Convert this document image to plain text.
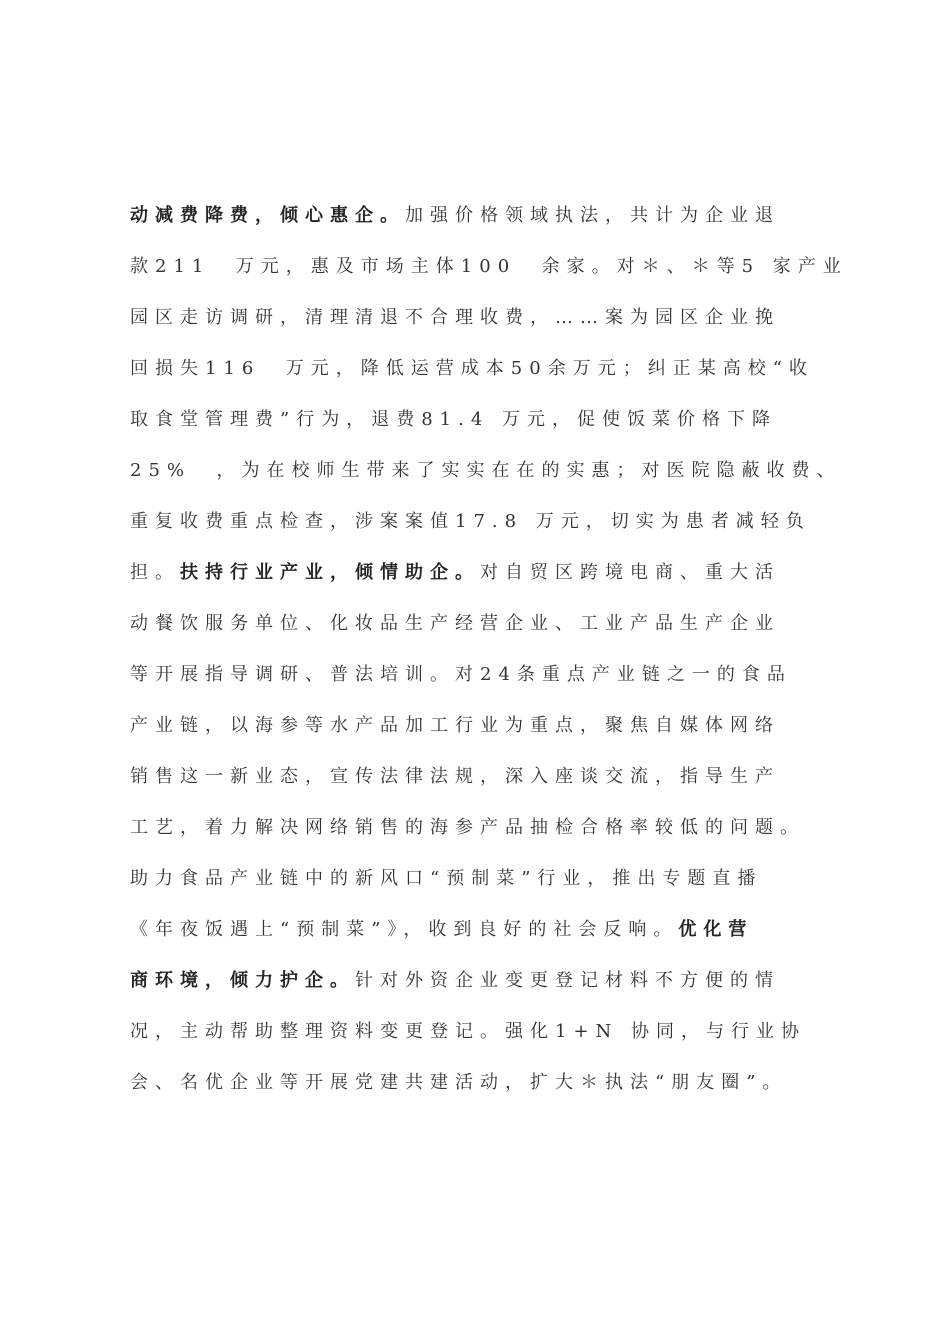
动减费降费，倾心惠企。加强价格领域执法，共计为企业退
款211  万元，惠及市场主体100  余家。对＊、＊等5 家产业
园区走访调研，清理清退不合理收费，……案为园区企业挽
回损失116  万元，降低运营成本50余万元；纠正某高校“收
取食堂管理费”行为，退费81.4 万元，促使饭菜价格下降
25%  ，为在校师生带来了实实在在的实惠；对医院隐蔽收费、
重复收费重点检查，涉案案值17.8 万元，切实为患者减轻负
担。扶持行业产业，倾情助企。对自贸区跨境电商、重大活
动餐饮服务单位、化妆品生产经营企业、工业产品生产企业
等开展指导调研、普法培训。对24条重点产业链之一的食品
产业链，以海参等水产品加工行业为重点，聚焦自媒体网络
销售这一新业态，宣传法律法规，深入座谈交流，指导生产
工艺，着力解决网络销售的海参产品抽检合格率较低的问题。
助力食品产业链中的新风口“预制菜”行业，推出专题直播
《年夜饭遇上“预制菜”》，收到良好的社会反响。优化营
商环境，倾力护企。针对外资企业变更登记材料不方便的情
况，主动帮助整理资料变更登记。强化1+N 协同，与行业协
会、名优企业等开展党建共建活动，扩大＊执法“朋友圈”。
